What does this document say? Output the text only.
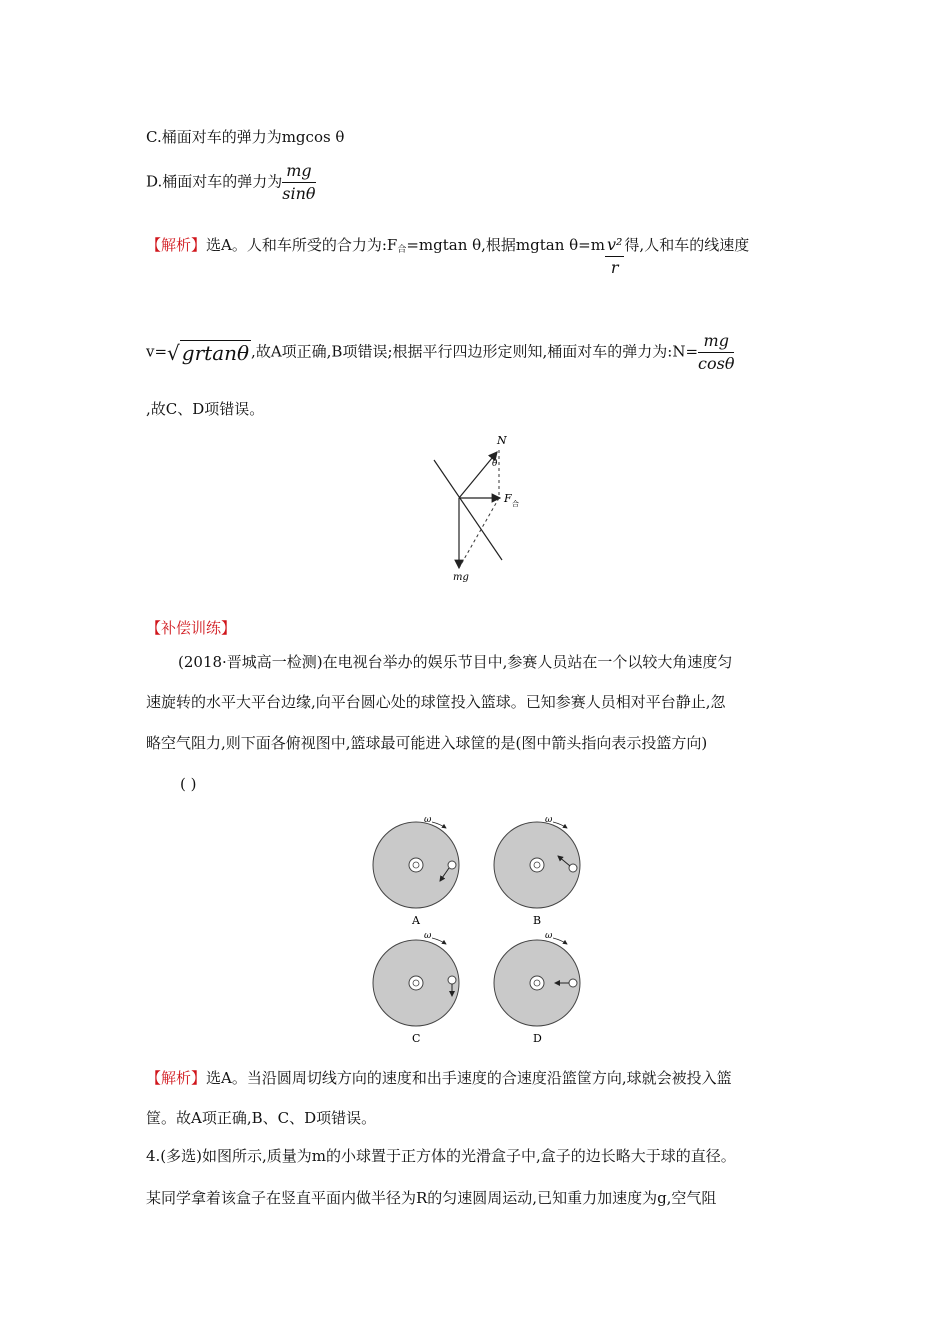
C.桶面对车的弹力为mgcos θ
D.桶面对车的弹力为 $\frac{mg}{\sin\theta}$
【解析】选A。人和车所受的合力为$:F_合=mgtan$ θ,根据mgtan $\theta=m \frac{\text{v²}}{r}$ 得,人和车的线速度
v=√ grtanθ ,故A项正确,B项错误;根据平行四边形定则知,桶面对车的弹力为:N= $\frac{mg}{\cos\theta}$
,故C、D项错误。
N
θ
F 合
mg
【补偿训练】
(2018·晋城高一检测)在电视台举办的娱乐节目中,参赛人员站在一个以较大角速度匀
速旋转的水平大平台边缘,向平台圆心处的球筐投入篮球。已知参赛人员相对平台静止,忽
略空气阻力,则下面各俯视图中,篮球最可能进入球筐的是(图中箭头指向表示投篮方向)
( )
ω
A
ω
B
ω
C
ω
D
【解析】选A。当沿圆周切线方向的速度和出手速度的合速度沿篮筐方向,球就会被投入篮
筐。故A项正确,B、C、D项错误。
4.(多选)如图所示,质量为m的小球置于正方体的光滑盒子中,盒子的边长略大于球的直径。
某同学拿着该盒子在竖直平面内做半径为R的匀速圆周运动,已知重力加速度为g,空气阻
